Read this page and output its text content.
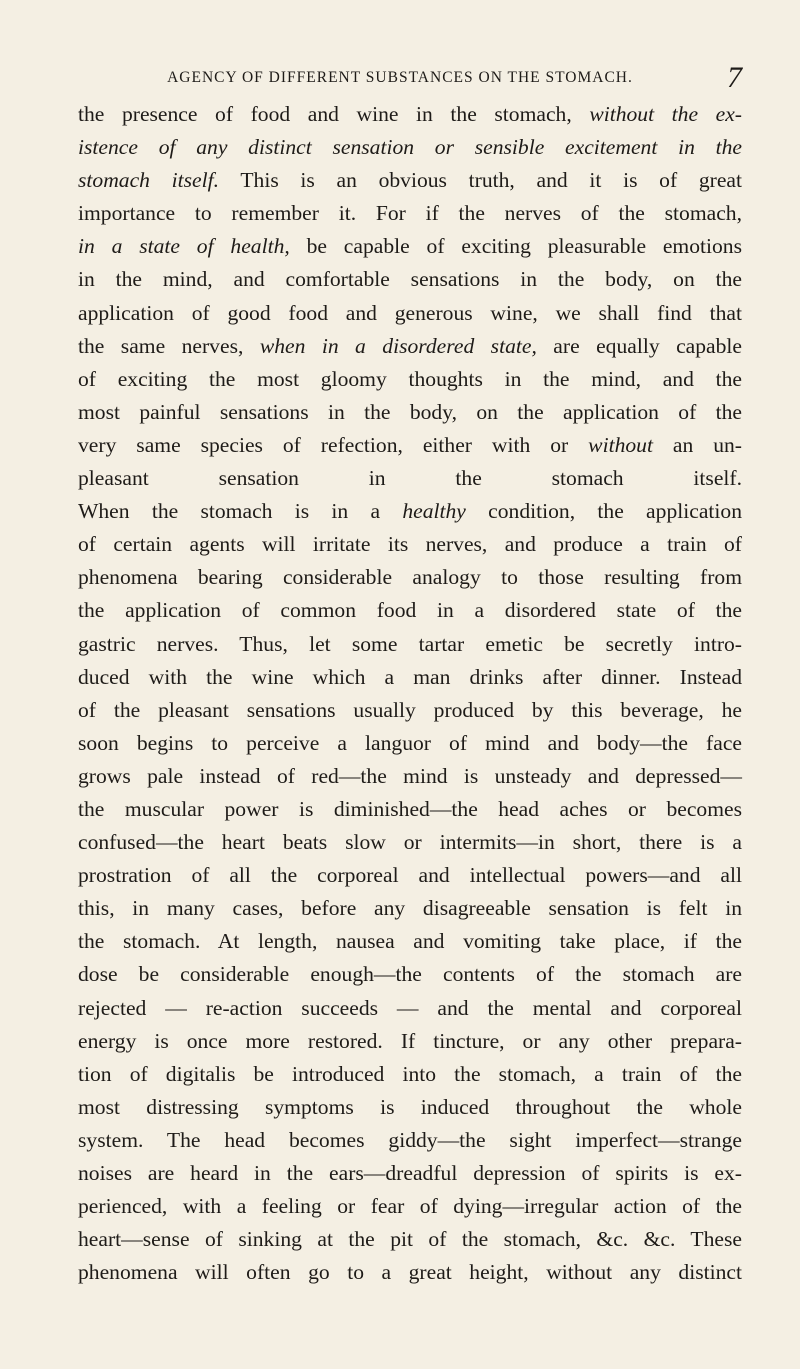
AGENCY OF DIFFERENT SUBSTANCES ON THE STOMACH.	7
the presence of food and wine in the stomach, without the ex-
istence of any distinct sensation or sensible excitement in the
stomach itself. This is an obvious truth, and it is of great
importance to remember it. For if the nerves of the stomach,
in a state of health, be capable of exciting pleasurable emotions
in the mind, and comfortable sensations in the body, on the
application of good food and generous wine, we shall find that
the same nerves, when in a disordered state, are equally capable
of exciting the most gloomy thoughts in the mind, and the
most painful sensations in the body, on the application of the
very same species of refection, either with or without an un-
pleasant sensation in the stomach itself.
When the stomach is in a healthy condition, the application
of certain agents will irritate its nerves, and produce a train of
phenomena bearing considerable analogy to those resulting from
the application of common food in a disordered state of the
gastric nerves. Thus, let some tartar emetic be secretly intro-
duced with the wine which a man drinks after dinner. Instead
of the pleasant sensations usually produced by this beverage, he
soon begins to perceive a languor of mind and body—the face
grows pale instead of red—the mind is unsteady and depressed—
the muscular power is diminished—the head aches or becomes
confused—the heart beats slow or intermits—in short, there is a
prostration of all the corporeal and intellectual powers—and all
this, in many cases, before any disagreeable sensation is felt in
the stomach. At length, nausea and vomiting take place, if the
dose be considerable enough—the contents of the stomach are
rejected — re-action succeeds — and the mental and corporeal
energy is once more restored. If tincture, or any other prepara-
tion of digitalis be introduced into the stomach, a train of the
most distressing symptoms is induced throughout the whole
system. The head becomes giddy—the sight imperfect—strange
noises are heard in the ears—dreadful depression of spirits is ex-
perienced, with a feeling or fear of dying—irregular action of the
heart—sense of sinking at the pit of the stomach, &c. &c. These
phenomena will often go to a great height, without any distinct
